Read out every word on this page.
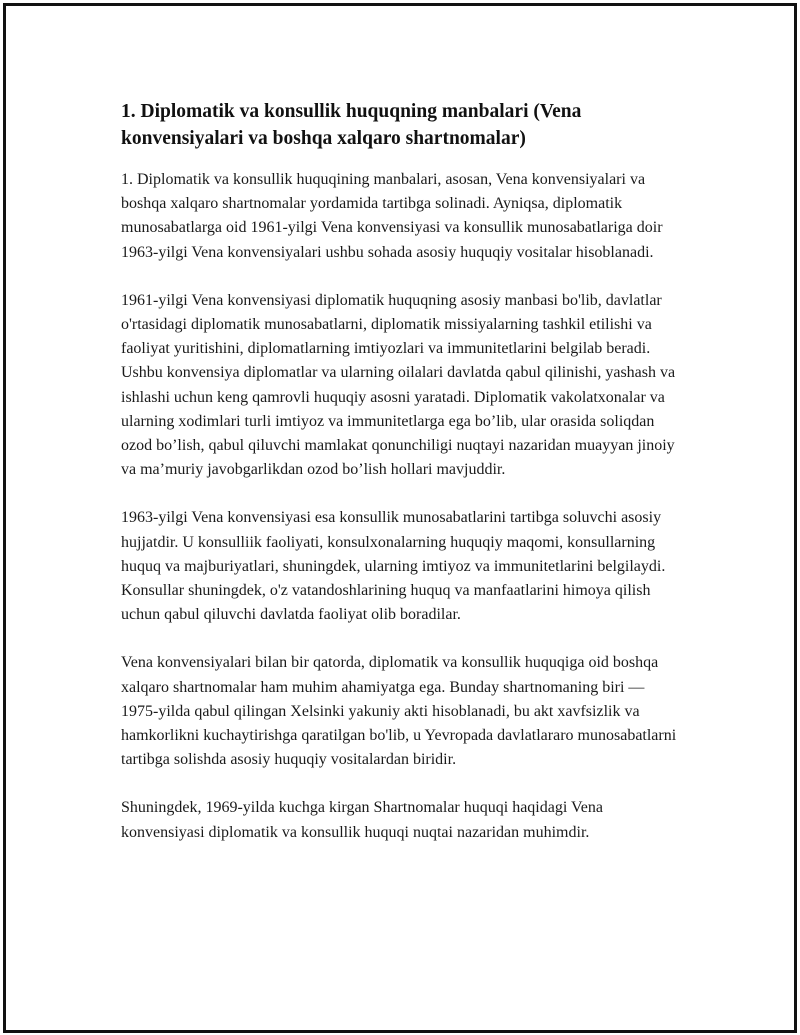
1. Diplomatik va konsullik huquqning manbalari (Vena konvensiyalari va boshqa xalqaro shartnomalar)

1. Diplomatik va konsullik huquqining manbalari, asosan, Vena konvensiyalari va boshqa xalqaro shartnomalar yordamida tartibga solinadi. Ayniqsa, diplomatik munosabatlarga oid 1961-yilgi Vena konvensiyasi va konsullik munosabatlariga doir 1963-yilgi Vena konvensiyalari ushbu sohada asosiy huquqiy vositalar hisoblanadi.

1961-yilgi Vena konvensiyasi diplomatik huquqning asosiy manbasi bo'lib, davlatlar o'rtasidagi diplomatik munosabatlarni, diplomatik missiyalarning tashkil etilishi va faoliyat yuritishini, diplomatlarning imtiyozlari va immunitetlarini belgilab beradi. Ushbu konvensiya diplomatlar va ularning oilalari davlatda qabul qilinishi, yashash va ishlashi uchun keng qamrovli huquqiy asosni yaratadi. Diplomatik vakolatxonalar va ularning xodimlari turli imtiyoz va immunitetlarga ega bo’lib, ular orasida soliqdan ozod bo’lish, qabul qiluvchi mamlakat qonunchiligi nuqtayi nazaridan muayyan jinoiy va ma’muriy javobgarlikdan ozod bo’lish hollari mavjuddir.

1963-yilgi Vena konvensiyasi esa konsullik munosabatlarini tartibga soluvchi asosiy hujjatdir. U konsulliik faoliyati, konsulxonalarning huquqiy maqomi, konsullarning huquq va majburiyatlari, shuningdek, ularning imtiyoz va immunitetlarini belgilaydi. Konsullar shuningdek, o'z vatandoshlarining huquq va manfaatlarini himoya qilish uchun qabul qiluvchi davlatda faoliyat olib boradilar.

Vena konvensiyalari bilan bir qatorda, diplomatik va konsullik huquqiga oid boshqa xalqaro shartnomalar ham muhim ahamiyatga ega. Bunday shartnomaning biri — 1975-yilda qabul qilingan Xelsinki yakuniy akti hisoblanadi, bu akt xavfsizlik va hamkorlikni kuchaytirishga qaratilgan bo'lib, u Yevropada davlatlararo munosabatlarni tartibga solishda asosiy huquqiy vositalardan biridir.

Shuningdek, 1969-yilda kuchga kirgan Shartnomalar huquqi haqidagi Vena konvensiyasi diplomatik va konsullik huquqi nuqtai nazaridan muhimdir.
